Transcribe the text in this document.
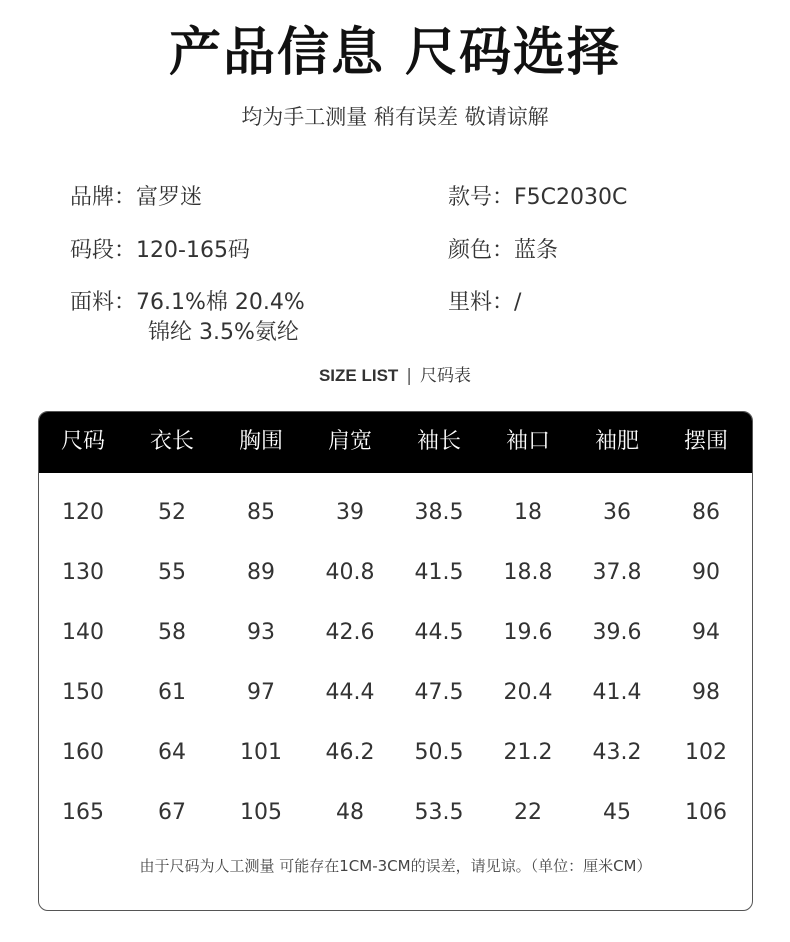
产品信息 尺码选择
均为手工测量 稍有误差 敬请谅解
品牌：富罗迷	款号：F5C2030C
码段：120-165码	颜色：蓝条
面料：76.1%棉 20.4%
锦纶 3.5%氨纶
里料：/
SIZE LIST | 尺码表
尺码	衣长	胸围	肩宽	袖长	袖口	袖肥	摆围
120	52	85	39	38.5	18	36	86
130	55	89	40.8	41.5	18.8	37.8	90
140	58	93	42.6	44.5	19.6	39.6	94
150	61	97	44.4	47.5	20.4	41.4	98
160	64	101	46.2	50.5	21.2	43.2	102
165	67	105	48	53.5	22	45	106
由于尺码为人工测量 可能存在1CM-3CM的误差，请见谅。（单位：厘米CM）
